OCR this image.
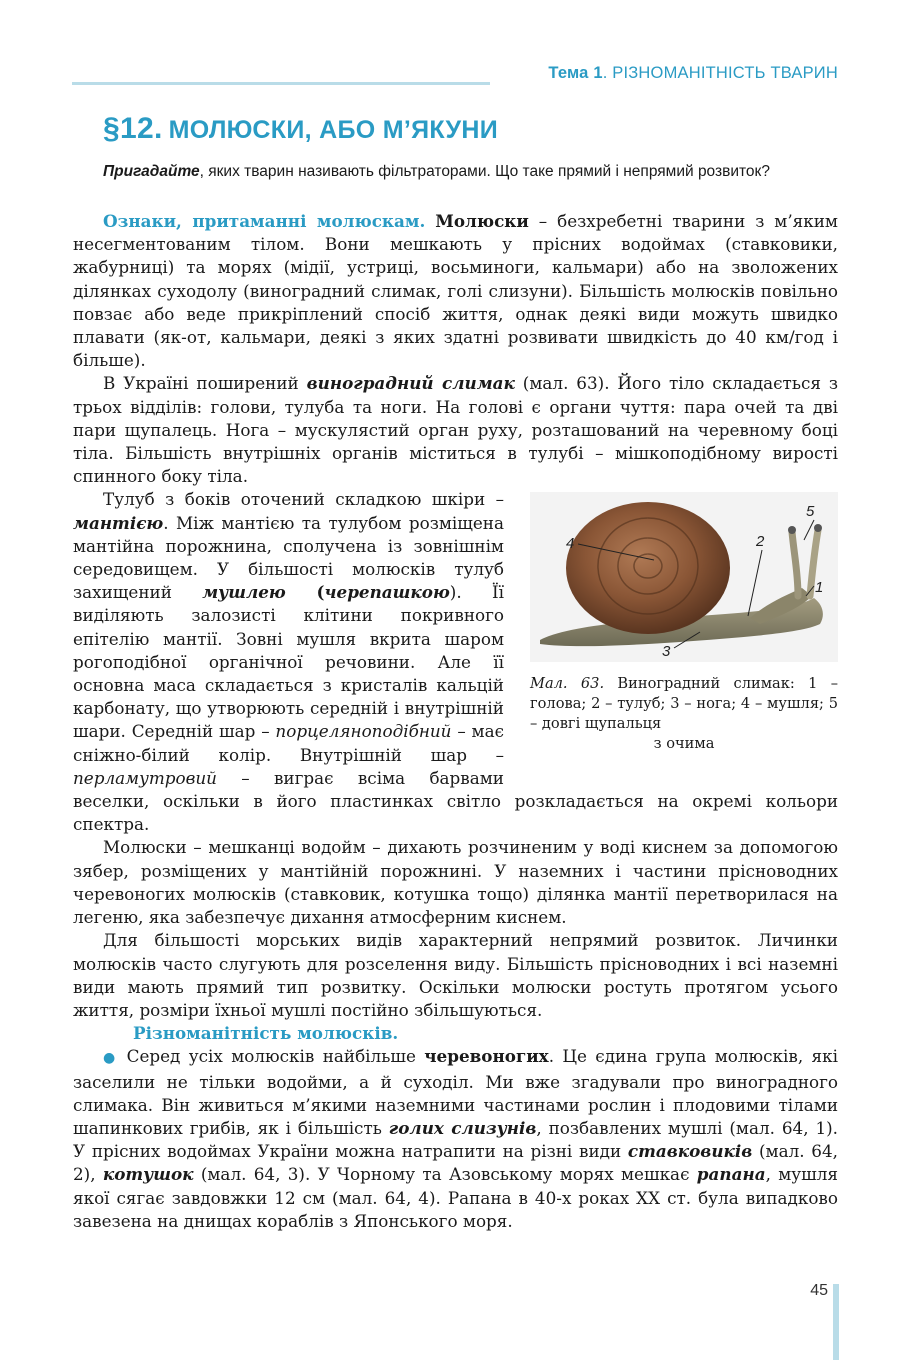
Тема 1. РІЗНОМАНІТНІСТЬ ТВАРИН
§12. МОЛЮСКИ, АБО М’ЯКУНИ
Пригадайте, яких тварин називають фільтраторами. Що таке прямий і непрямий розвиток?

Ознаки, притаманні молюскам. Молюски – безхребетні тварини з м’яким несегментованим тілом. Вони мешкають у прісних водоймах (ставковики, жабурниці) та морях (мідії, устриці, восьминоги, кальмари) або на зволожених ділянках суходолу (виноградний слимак, голі слизуни). Більшість молюсків повільно повзає або веде прикріплений спосіб життя, однак деякі види можуть швидко плавати (як-от, кальмари, деякі з яких здатні розвивати швидкість до 40 км/год і більше).

В Україні поширений виноградний слимак (мал. 63). Його тіло складається з трьох відділів: голови, тулуба та ноги. На голові є органи чуття: пара очей та дві пари щупалець. Нога – мускулястий орган руху, розташований на черевному боці тіла. Більшість внутрішніх органів міститься в тулубі – мішкоподібному вирості спинного боку тіла.

1
2
3
4
5
Мал. 63. Виноградний слимак: 1 – голова; 2 – тулуб; 3 – нога; 4 – мушля; 5 – довгі щупальця
з очима

Тулуб з боків оточений складкою шкіри – мантією. Між мантією та тулубом розміщена мантійна порожнина, сполучена із зовнішнім середовищем. У більшості молюсків тулуб захищений мушлею (черепашкою). Її виділяють залозисті клітини покривного епітелію мантії. Зовні мушля вкрита шаром рогоподібної органічної речовини. Але її основна маса складається з кристалів кальцій карбонату, що утворюють середній і внутрішній шари. Середній шар – порцеляноподібний – має сніжно-білий колір. Внутрішній шар – перламутровий – виграє всіма барвами веселки, оскільки в його пластинках світло розкладається на окремі кольори спектра.

Молюски – мешканці водойм – дихають розчиненим у воді киснем за допомогою зябер, розміщених у мантійній порожнині. У наземних і частини прісноводних черевоногих молюсків (ставковик, котушка тощо) ділянка мантії перетворилася на легеню, яка забезпечує дихання атмосферним киснем.

Для більшості морських видів характерний непрямий розвиток. Личинки молюсків часто слугують для розселення виду. Більшість прісноводних і всі наземні види мають прямий тип розвитку. Оскільки молюски ростуть протягом усього життя, розміри їхньої мушлі постійно збільшуються.

Різноманітність молюсків.

● Серед усіх молюсків найбільше черевоногих. Це єдина група молюсків, які заселили не тільки водойми, а й суходіл. Ми вже згадували про виноградного слимака. Він живиться м’якими наземними частинами рослин і плодовими тілами шапинкових грибів, як і більшість голих слизунів, позбавлених мушлі (мал. 64, 1). У прісних водоймах України можна натрапити на різні види ставковиків (мал. 64, 2), котушок (мал. 64, 3). У Чорному та Азовському морях мешкає рапана, мушля якої сягає завдовжки 12 см (мал. 64, 4). Рапана в 40-х роках XX ст. була випадково завезена на днищах кораблів з Японського моря.

45
